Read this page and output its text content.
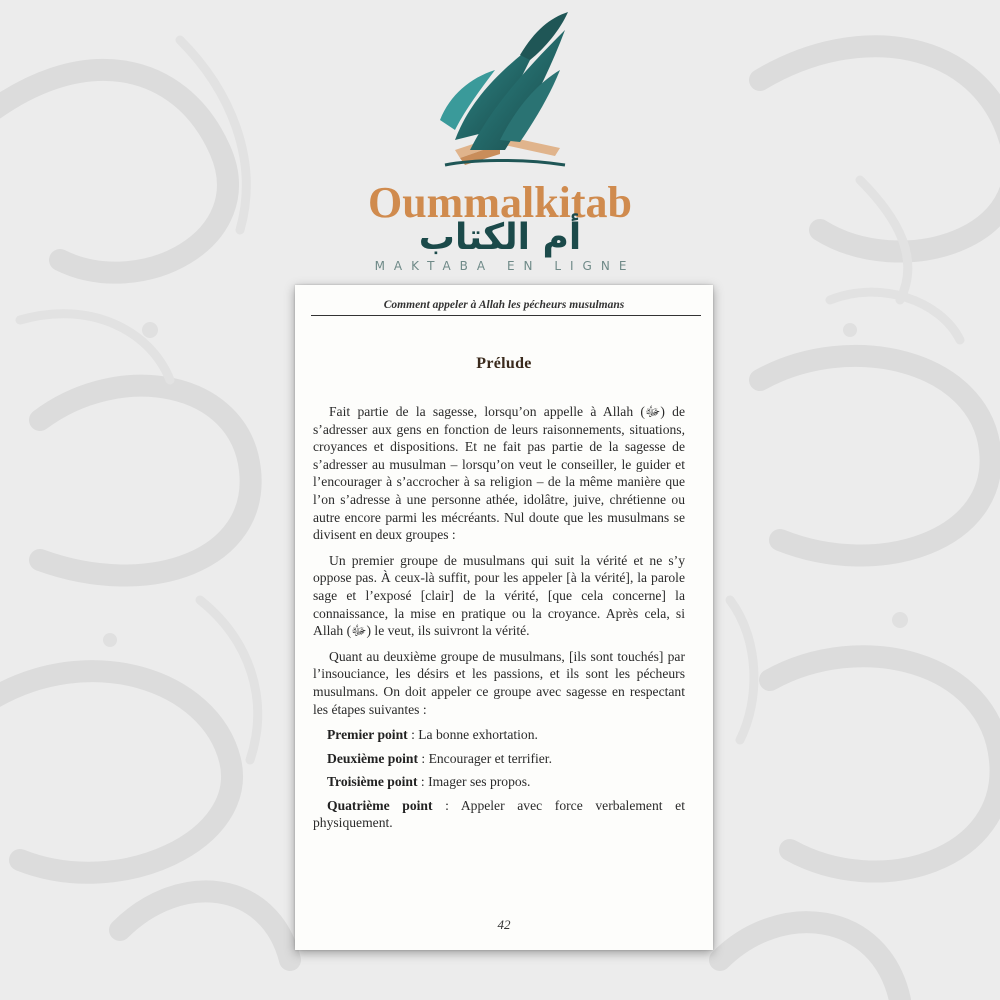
Oummalkitab
أم الكتاب
MAKTABA EN LIGNE
Comment appeler à Allah les pécheurs musulmans
Prélude

Fait partie de la sagesse, lorsqu’on appelle à Allah (ﷻ) de s’adresser aux gens en fonction de leurs raisonnements, situations, croyances et dispositions. Et ne fait pas partie de la sagesse de s’adresser au musulman – lorsqu’on veut le conseiller, le guider et l’encourager à s’accrocher à sa religion – de la même manière que l’on s’adresse à une personne athée, idolâtre, juive, chrétienne ou autre encore parmi les mécréants. Nul doute que les musulmans se divisent en deux groupes :

Un premier groupe de musulmans qui suit la vérité et ne s’y oppose pas. À ceux-là suffit, pour les appeler [à la vérité], la parole sage et l’exposé [clair] de la vérité, [que cela concerne] la connaissance, la mise en pratique ou la croyance. Après cela, si Allah (ﷻ) le veut, ils suivront la vérité.

Quant au deuxième groupe de musulmans, [ils sont touchés] par l’insouciance, les désirs et les passions, et ils sont les pécheurs musulmans. On doit appeler ce groupe avec sagesse en respectant les étapes suivantes :

Premier point : La bonne exhortation.

Deuxième point : Encourager et terrifier.

Troisième point : Imager ses propos.

Quatrième point : Appeler avec force verbalement et physiquement.

42
